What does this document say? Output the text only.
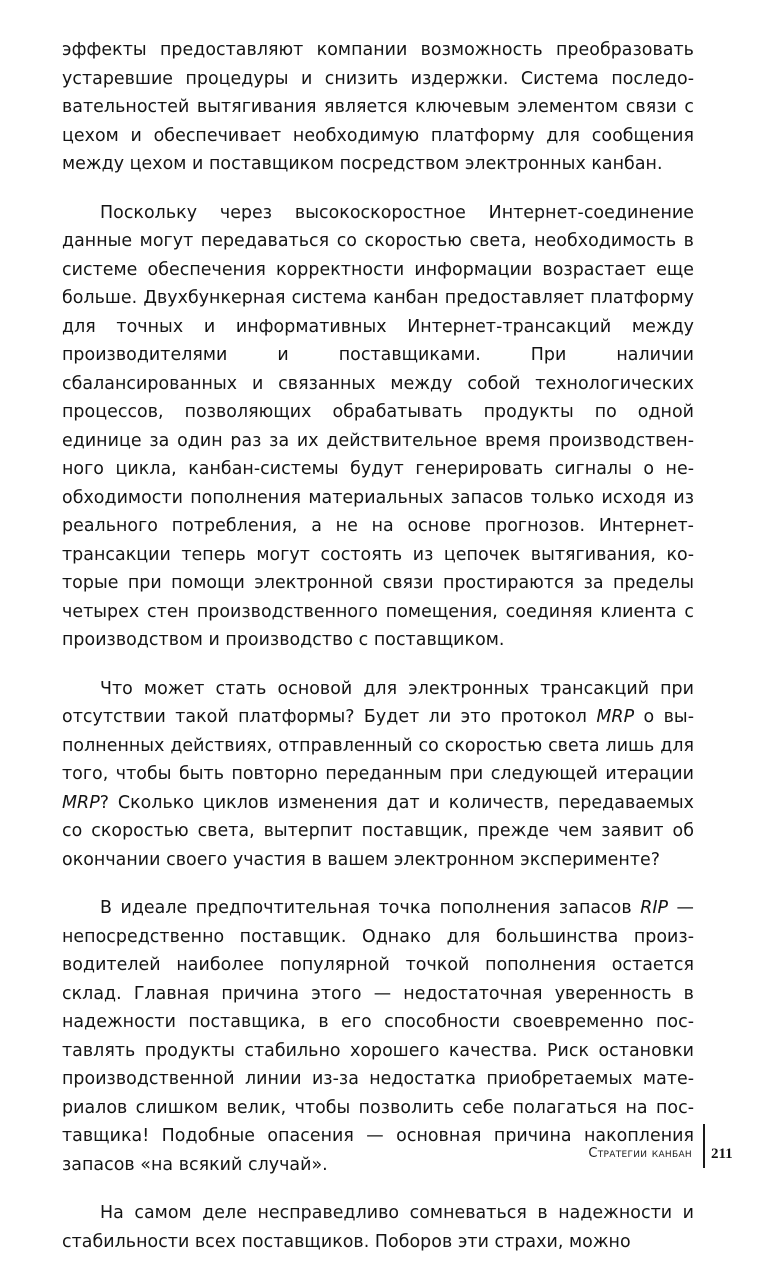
эффекты предоставляют компании возможность преобразовать устаревшие процедуры и снизить издержки. Система последовательностей вытягивания является ключевым элементом связи с цехом и обеспечивает необходимую платформу для сообщения между цехом и поставщиком посредством электронных канбан.

Поскольку через высокоскоростное Интернет-соединение данные могут передаваться со скоростью света, необходимость в системе обеспечения корректности информации возрастает еще больше. Двухбункерная система канбан предоставляет платформу для точных и информативных Интернет-трансакций между производителями и поставщиками. При наличии сбалансированных и связанных между собой технологических процессов, позволяющих обрабатывать продукты по одной единице за один раз за их действительное время производственного цикла, канбан-системы будут генерировать сигналы о необходимости пополнения материальных запасов только исходя из реального потребления, а не на основе прогнозов. Интернет-трансакции теперь могут состоять из цепочек вытягивания, которые при помощи электронной связи простираются за пределы четырех стен производственного помещения, соединяя клиента с производством и производство с поставщиком.

Что может стать основой для электронных трансакций при отсутствии такой платформы? Будет ли это протокол MRP о выполненных действиях, отправленный со скоростью света лишь для того, чтобы быть повторно переданным при следующей итерации MRP? Сколько циклов изменения дат и количеств, передаваемых со скоростью света, вытерпит поставщик, прежде чем заявит об окончании своего участия в вашем электронном эксперименте?

В идеале предпочтительная точка пополнения запасов RIP — непосредственно поставщик. Однако для большинства производителей наиболее популярной точкой пополнения остается склад. Главная причина этого — недостаточная уверенность в надежности поставщика, в его способности своевременно поставлять продукты стабильно хорошего качества. Риск остановки производственной линии из-за недостатка приобретаемых материалов слишком велик, чтобы позволить себе полагаться на поставщика! Подобные опасения — основная причина накопления запасов «на всякий случай».

На самом деле несправедливо сомневаться в надежности и стабильности всех поставщиков. Поборов эти страхи, можно

Стратегии канбан 211
